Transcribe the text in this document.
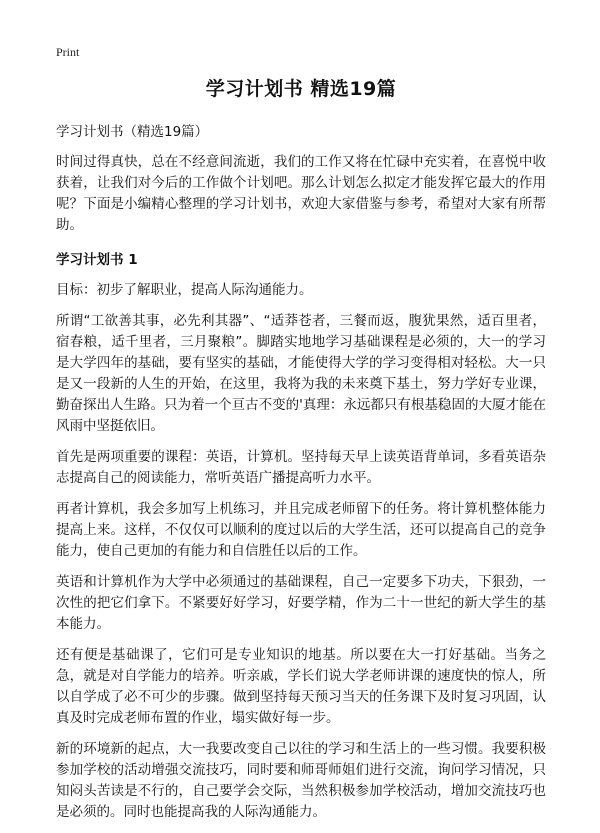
Print
学习计划书 精选19篇
学习计划书（精选19篇）

时间过得真快，总在不经意间流逝，我们的工作又将在忙碌中充实着，在喜悦中收获着，让我们对今后的工作做个计划吧。那么计划怎么拟定才能发挥它最大的作用呢？下面是小编精心整理的学习计划书，欢迎大家借鉴与参考，希望对大家有所帮助。

学习计划书 1

目标：初步了解职业，提高人际沟通能力。

所谓“工欲善其事，必先利其器”、“适莽苍者，三餐而返，腹犹果然，适百里者，宿春粮，适千里者，三月聚粮”。脚踏实地地学习基础课程是必须的，大一的学习是大学四年的基础，要有坚实的基础，才能使得大学的学习变得相对轻松。大一只是又一段新的人生的开始，在这里，我将为我的未来奠下基土，努力学好专业课，勤奋探出人生路。只为着一个亘古不变的'真理：永远都只有根基稳固的大厦才能在风雨中坚挺依旧。

首先是两项重要的课程：英语，计算机。坚持每天早上读英语背单词，多看英语杂志提高自己的阅读能力，常听英语广播提高听力水平。

再者计算机，我会多加写上机练习，并且完成老师留下的任务。将计算机整体能力提高上来。这样，不仅仅可以顺利的度过以后的大学生活，还可以提高自己的竞争能力，使自己更加的有能力和自信胜任以后的工作。

英语和计算机作为大学中必须通过的基础课程，自己一定要多下功夫，下狠劲，一次性的把它们拿下。不紧要好好学习，好要学精，作为二十一世纪的新大学生的基本能力。

还有便是基础课了，它们可是专业知识的地基。所以要在大一打好基础。当务之急，就是对自学能力的培养。听亲戚，学长们说大学老师讲课的速度快的惊人，所以自学成了必不可少的步骤。做到坚持每天预习当天的任务课下及时复习巩固，认真及时完成老师布置的作业，塌实做好每一步。

新的环境新的起点，大一我要改变自己以往的学习和生活上的一些习惯。我要积极参加学校的活动增强交流技巧，同时要和师哥师姐们进行交流，询问学习情况，只知闷头苦读是不行的，自己要学会交际，当然积极参加学校活动，增加交流技巧也是必须的。同时也能提高我的人际沟通能力。
